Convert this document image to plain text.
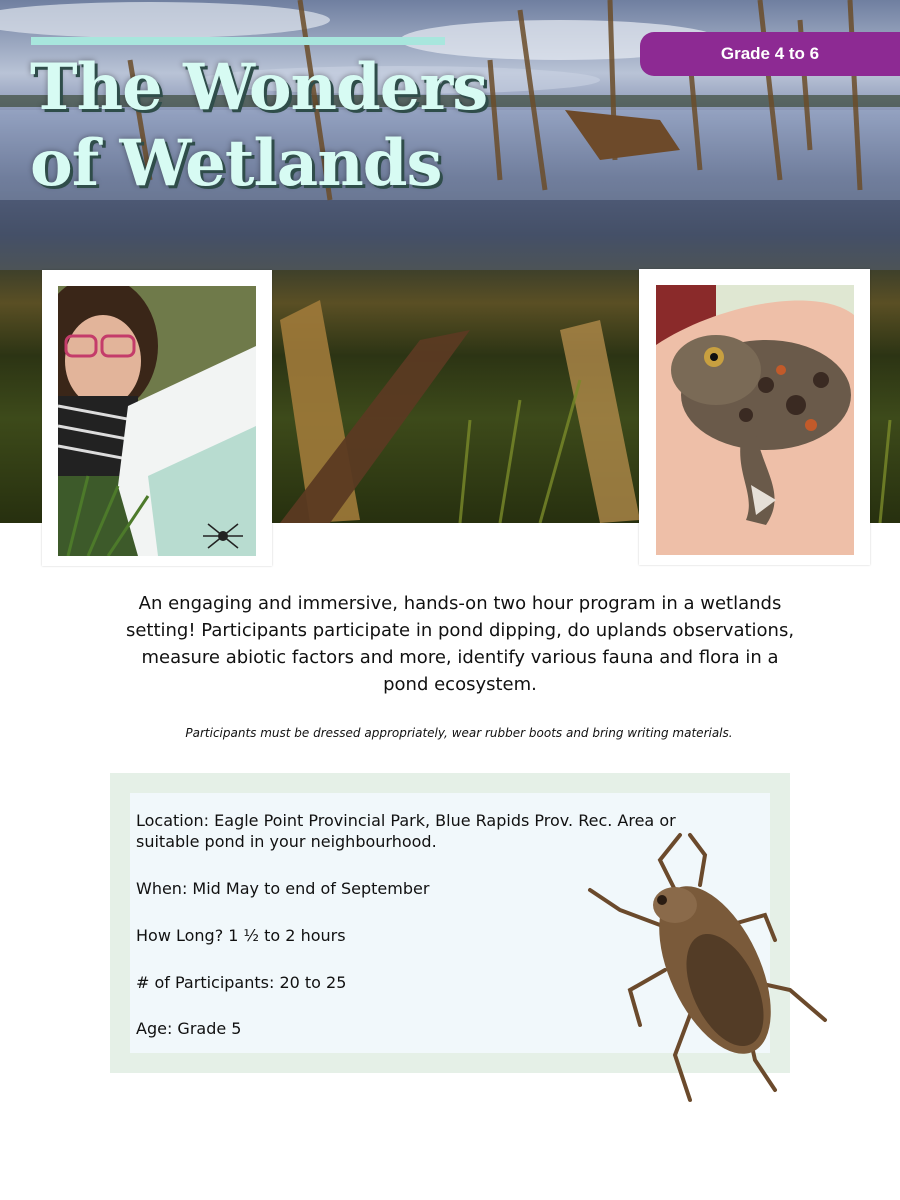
The Wonders
of Wetlands
Grade 4 to 6

An engaging and immersive, hands-on two hour program in a wetlands setting! Participants participate in pond dipping, do uplands observations, measure abiotic factors and more, identify various fauna and flora in a pond ecosystem.

Participants must be dressed appropriately, wear rubber boots and bring writing materials.

Location: Eagle Point Provincial Park, Blue Rapids Prov. Rec. Area or suitable pond in your neighbourhood.

When: Mid May to end of September

How Long? 1 ½ to 2 hours

# of Participants: 20 to 25

Age: Grade 5
